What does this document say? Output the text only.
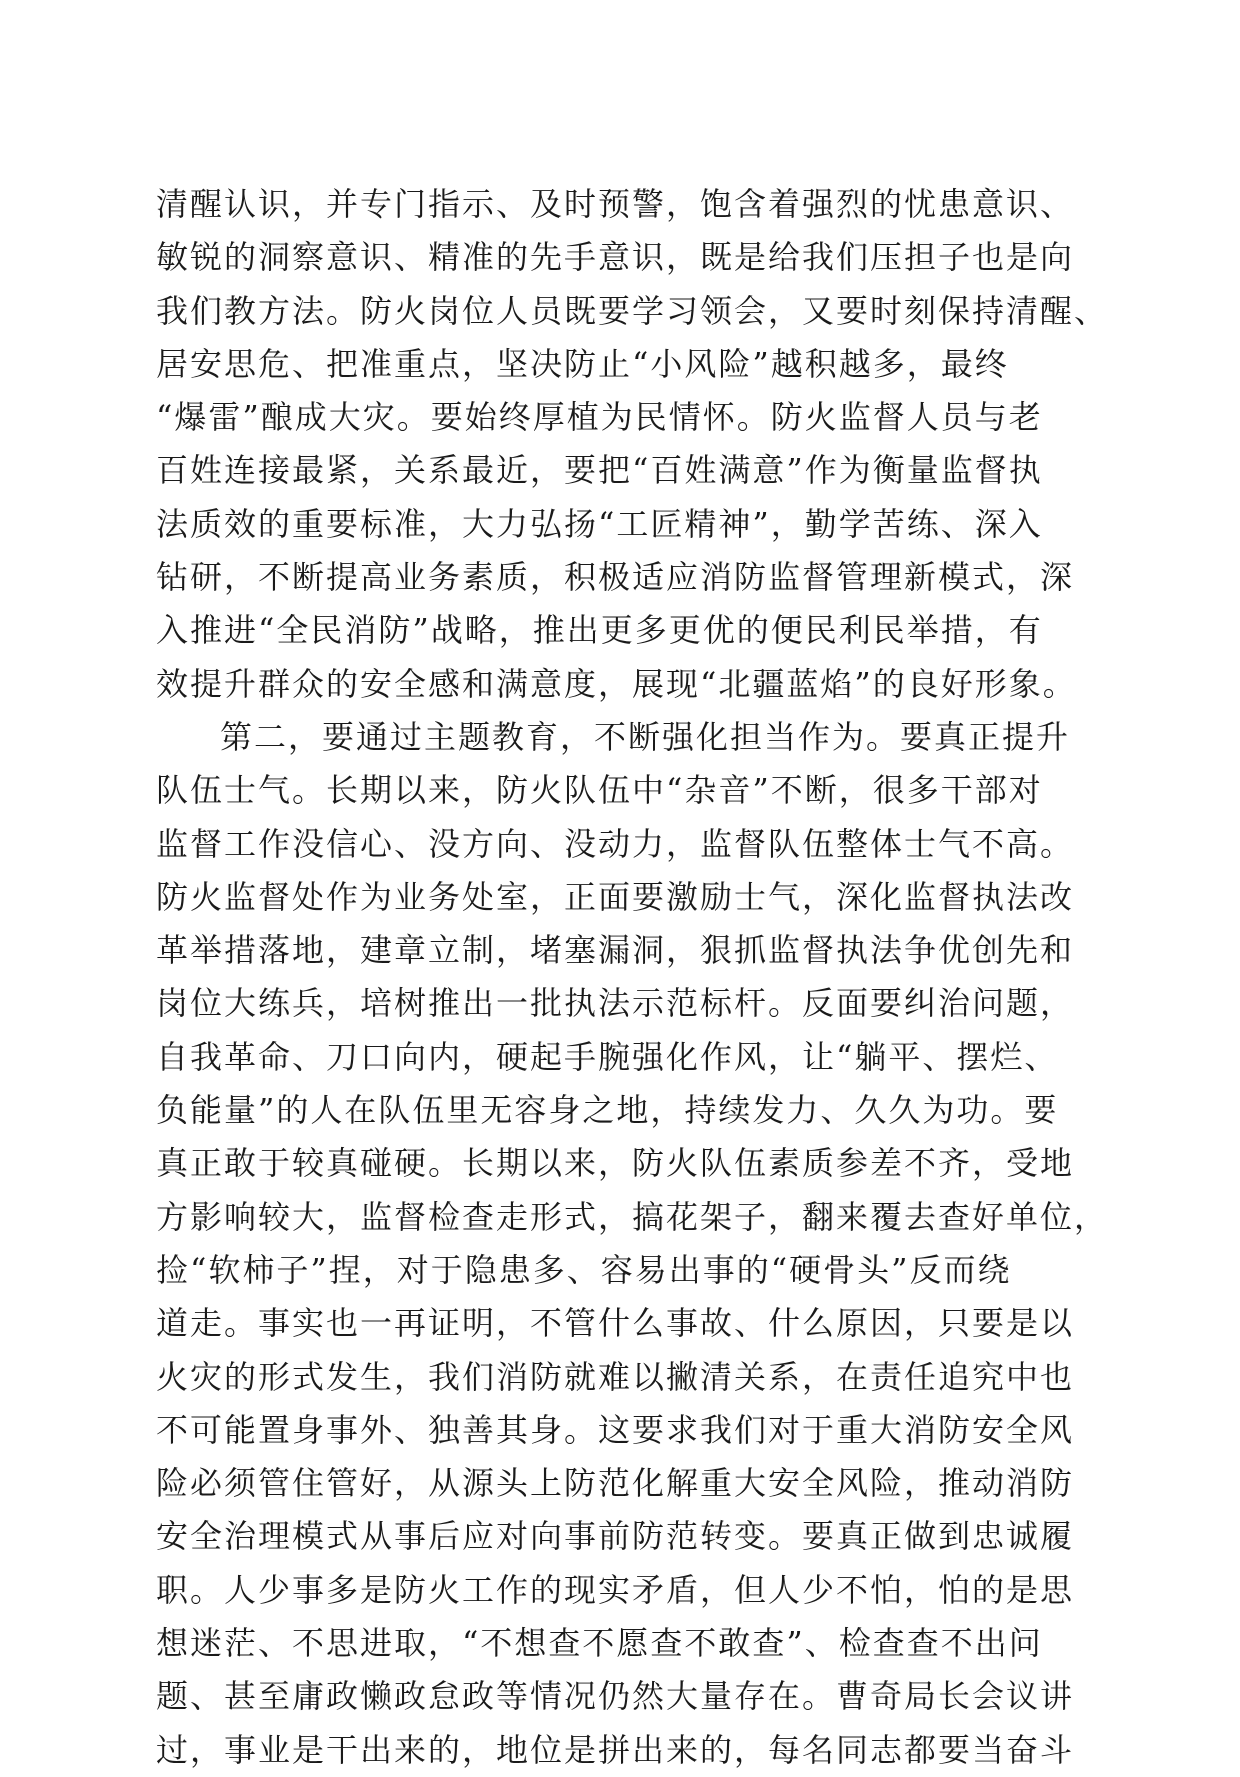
清醒认识，并专门指示、及时预警，饱含着强烈的忧患意识、
敏锐的洞察意识、精准的先手意识，既是给我们压担子也是向
我们教方法。防火岗位人员既要学习领会，又要时刻保持清醒、
居安思危、把准重点，坚决防止“小风险”越积越多，最终
“爆雷”酿成大灾。要始终厚植为民情怀。防火监督人员与老
百姓连接最紧，关系最近，要把“百姓满意”作为衡量监督执
法质效的重要标准，大力弘扬“工匠精神”，勤学苦练、深入
钻研，不断提高业务素质，积极适应消防监督管理新模式，深
入推进“全民消防”战略，推出更多更优的便民利民举措，有
效提升群众的安全感和满意度，展现“北疆蓝焰”的良好形象。
第二，要通过主题教育，不断强化担当作为。要真正提升
队伍士气。长期以来，防火队伍中“杂音”不断，很多干部对
监督工作没信心、没方向、没动力，监督队伍整体士气不高。
防火监督处作为业务处室，正面要激励士气，深化监督执法改
革举措落地，建章立制，堵塞漏洞，狠抓监督执法争优创先和
岗位大练兵，培树推出一批执法示范标杆。反面要纠治问题，
自我革命、刀口向内，硬起手腕强化作风，让“躺平、摆烂、
负能量”的人在队伍里无容身之地，持续发力、久久为功。要
真正敢于较真碰硬。长期以来，防火队伍素质参差不齐，受地
方影响较大，监督检查走形式，搞花架子，翻来覆去查好单位，
捡“软柿子”捏，对于隐患多、容易出事的“硬骨头”反而绕
道走。事实也一再证明，不管什么事故、什么原因，只要是以
火灾的形式发生，我们消防就难以撇清关系，在责任追究中也
不可能置身事外、独善其身。这要求我们对于重大消防安全风
险必须管住管好，从源头上防范化解重大安全风险，推动消防
安全治理模式从事后应对向事前防范转变。要真正做到忠诚履
职。人少事多是防火工作的现实矛盾，但人少不怕，怕的是思
想迷茫、不思进取，“不想查不愿查不敢查”、检查查不出问
题、甚至庸政懒政怠政等情况仍然大量存在。曹奇局长会议讲
过，事业是干出来的，地位是拼出来的，每名同志都要当奋斗
